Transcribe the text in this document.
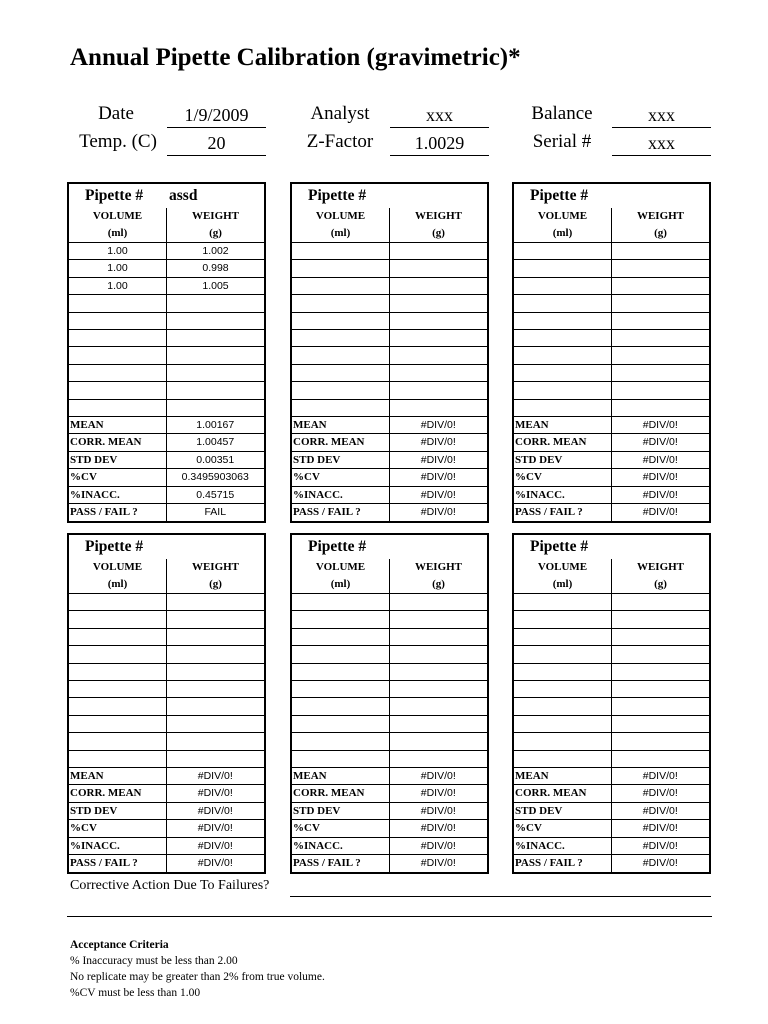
Annual Pipette Calibration (gravimetric)*
Date	1/9/2009	Analyst	xxx	Balance	xxx
Temp. (C)	20	Z-Factor	1.0029	Serial #	xxx
Pipette #	assd
VOLUME
(ml)
WEIGHT
(g)
1.00	1.002
1.00	0.998
1.00	1.005
MEAN	1.00167
CORR. MEAN	1.00457
STD DEV	0.00351
%CV	0.3495903063
%INACC.	0.45715
PASS / FAIL ?	FAIL
Pipette #
VOLUME
(ml)
WEIGHT
(g)
MEAN	#DIV/0!
CORR. MEAN	#DIV/0!
STD DEV	#DIV/0!
%CV	#DIV/0!
%INACC.	#DIV/0!
PASS / FAIL ?	#DIV/0!
Pipette #
VOLUME
(ml)
WEIGHT
(g)
MEAN	#DIV/0!
CORR. MEAN	#DIV/0!
STD DEV	#DIV/0!
%CV	#DIV/0!
%INACC.	#DIV/0!
PASS / FAIL ?	#DIV/0!
Pipette #
VOLUME
(ml)
WEIGHT
(g)
MEAN	#DIV/0!
CORR. MEAN	#DIV/0!
STD DEV	#DIV/0!
%CV	#DIV/0!
%INACC.	#DIV/0!
PASS / FAIL ?	#DIV/0!
Pipette #
VOLUME
(ml)
WEIGHT
(g)
MEAN	#DIV/0!
CORR. MEAN	#DIV/0!
STD DEV	#DIV/0!
%CV	#DIV/0!
%INACC.	#DIV/0!
PASS / FAIL ?	#DIV/0!
Pipette #
VOLUME
(ml)
WEIGHT
(g)
MEAN	#DIV/0!
CORR. MEAN	#DIV/0!
STD DEV	#DIV/0!
%CV	#DIV/0!
%INACC.	#DIV/0!
PASS / FAIL ?	#DIV/0!
Corrective Action Due To Failures?
Acceptance Criteria
% Inaccuracy must be less than 2.00
No replicate may be greater than 2% from true volume.
%CV must be less than 1.00
